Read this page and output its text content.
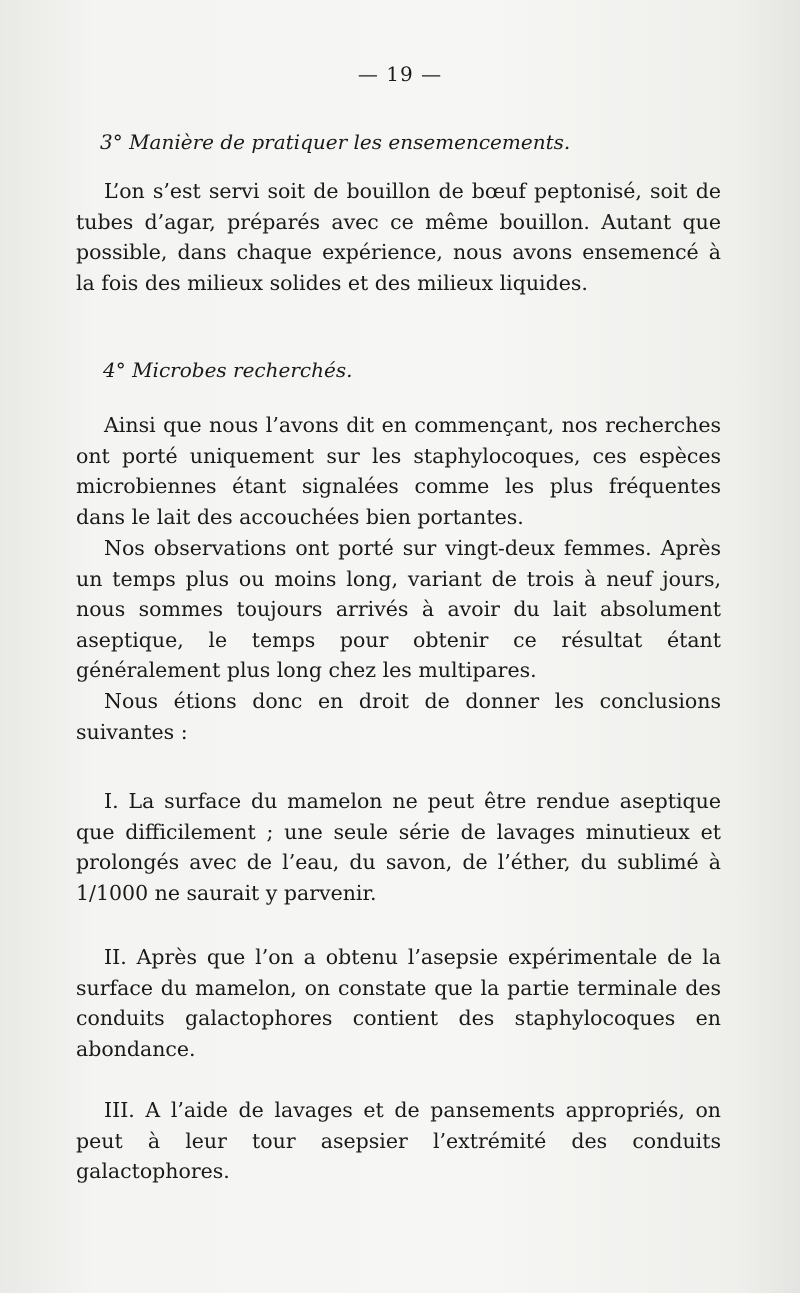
— 19 —
3° Manière de pratiquer les ensemencements.

L’on s’est servi soit de bouillon de bœuf peptonisé, soit de tubes d’agar, préparés avec ce même bouillon. Autant que possible, dans chaque expérience, nous avons ensemencé à la fois des milieux solides et des milieux liquides.

4° Microbes recherchés.

Ainsi que nous l’avons dit en commençant, nos recherches ont porté uniquement sur les staphylocoques, ces espèces microbiennes étant signalées comme les plus fréquentes dans le lait des accouchées bien portantes.

Nos observations ont porté sur vingt-deux femmes. Après un temps plus ou moins long, variant de trois à neuf jours, nous sommes toujours arrivés à avoir du lait absolument aseptique, le temps pour obtenir ce résultat étant généralement plus long chez les multipares.

Nous étions donc en droit de donner les conclusions suivantes :

I. La surface du mamelon ne peut être rendue aseptique que difficilement ; une seule série de lavages minutieux et prolongés avec de l’eau, du savon, de l’éther, du sublimé à 1/1000 ne saurait y parvenir.

II. Après que l’on a obtenu l’asepsie expérimentale de la surface du mamelon, on constate que la partie terminale des conduits galactophores contient des staphylocoques en abondance.

III. A l’aide de lavages et de pansements appropriés, on peut à leur tour asepsier l’extrémité des conduits galactophores.
